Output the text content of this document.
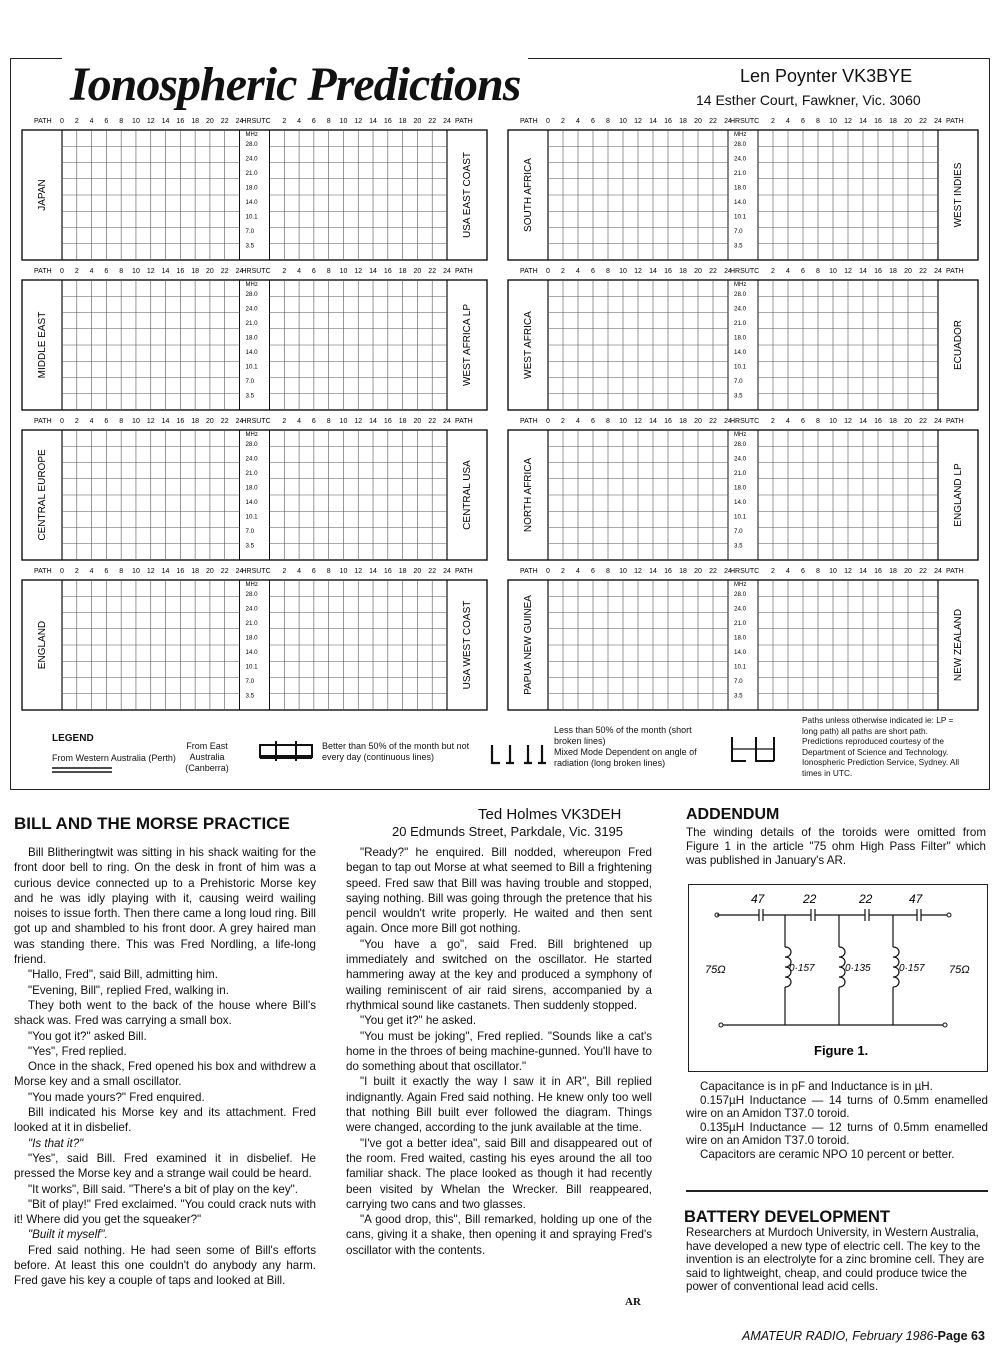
Ionospheric Predictions	Len Poynter VK3BYE
14 Esther Court, Fawkner, Vic. 3060
PATH 0 2	2
4	4
6	6
8	8
10	10
12	12
14	14
16	16
18	18
20	20
22	22
24	24
HRSUTC	PATH
MHz
28.0
24.0
21.0
18.0
14.0
10.1
7.0
3.5
JAPAN	USA EAST COAST
PATH 0 2	2
4	4
6	6
8	8
10	10
12	12
14	14
16	16
18	18
20	20
22	22
24	24
HRSUTC	PATH
MHz
28.0
24.0
21.0
18.0
14.0
10.1
7.0
3.5
SOUTH AFRICA	WEST INDIES
PATH 0 2	2
4	4
6	6
8	8
10	10
12	12
14	14
16	16
18	18
20	20
22	22
24	24
HRSUTC	PATH
MHz
28.0
24.0
21.0
18.0
14.0
10.1
7.0
3.5
MIDDLE EAST	WEST AFRICA LP
PATH 0 2	2
4	4
6	6
8	8
10	10
12	12
14	14
16	16
18	18
20	20
22	22
24	24
HRSUTC	PATH
MHz
28.0
24.0
21.0
18.0
14.0
10.1
7.0
3.5
WEST AFRICA	ECUADOR
PATH 0 2	2
4	4
6	6
8	8
10	10
12	12
14	14
16	16
18	18
20	20
22	22
24	24
HRSUTC	PATH
MHz
28.0
24.0
21.0
18.0
14.0
10.1
7.0
3.5
CENTRAL EUROPE	CENTRAL USA
PATH 0 2	2
4	4
6	6
8	8
10	10
12	12
14	14
16	16
18	18
20	20
22	22
24	24
HRSUTC	PATH
MHz
28.0
24.0
21.0
18.0
14.0
10.1
7.0
3.5
NORTH AFRICA	ENGLAND LP
PATH 0 2	2
4	4
6	6
8	8
10	10
12	12
14	14
16	16
18	18
20	20
22	22
24	24
HRSUTC	PATH
MHz
28.0
24.0
21.0
18.0
14.0
10.1
7.0
3.5
ENGLAND	USA WEST COAST
PATH 0 2	2
4	4
6	6
8	8
10	10
12	12
14	14
16	16
18	18
20	20
22	22
24	24
HRSUTC	PATH
MHz
28.0
24.0
21.0
18.0
14.0
10.1
7.0
3.5
PAPUA NEW GUINEA	NEW ZEALAND
LEGEND
From Western Australia (Perth)
From East Australia (Canberra)
Better than 50% of the month but not every day (continuous lines)
Less than 50% of the month (short broken lines)
Mixed Mode Dependent on angle of radiation (long broken lines)
Paths unless otherwise indicated ie: LP = long path) all paths are short path. Predictions reproduced courtesy of the Department of Science and Technology. Ionospheric Prediction Service, Sydney. All times in UTC.
BILL AND THE MORSE PRACTICE	Ted Holmes VK3DEH
20 Edmunds Street, Parkdale, Vic. 3195

Bill Blitheringtwit was sitting in his shack waiting for the front door bell to ring. On the desk in front of him was a curious device connected up to a Prehistoric Morse key and he was idly playing with it, causing weird wailing noises to issue forth. Then there came a long loud ring. Bill got up and shambled to his front door. A grey haired man was standing there. This was Fred Nordling, a life-long friend.

"Hallo, Fred", said Bill, admitting him.

"Evening, Bill", replied Fred, walking in.

They both went to the back of the house where Bill's shack was. Fred was carrying a small box.

"You got it?" asked Bill.

"Yes", Fred replied.

Once in the shack, Fred opened his box and withdrew a Morse key and a small oscillator.

"You made yours?" Fred enquired.

Bill indicated his Morse key and its attachment. Fred looked at it in disbelief.

"Is that it?"

"Yes", said Bill. Fred examined it in disbelief. He pressed the Morse key and a strange wail could be heard.

"It works", Bill said. "There's a bit of play on the key".

"Bit of play!" Fred exclaimed. "You could crack nuts with it! Where did you get the squeaker?"

"Built it myself".

Fred said nothing. He had seen some of Bill's efforts before. At least this one couldn't do anybody any harm. Fred gave his key a couple of taps and looked at Bill.

"Ready?" he enquired. Bill nodded, whereupon Fred began to tap out Morse at what seemed to Bill a frightening speed. Fred saw that Bill was having trouble and stopped, saying nothing. Bill was going through the pretence that his pencil wouldn't write properly. He waited and then sent again. Once more Bill got nothing.

"You have a go", said Fred. Bill brightened up immediately and switched on the oscillator. He started hammering away at the key and produced a symphony of wailing reminiscent of air raid sirens, accompanied by a rhythmical sound like castanets. Then suddenly stopped.

"You get it?" he asked.

"You must be joking", Fred replied. "Sounds like a cat's home in the throes of being machine-gunned. You'll have to do something about that oscillator."

"I built it exactly the way I saw it in AR", Bill replied indignantly. Again Fred said nothing. He knew only too well that nothing Bill built ever followed the diagram. Things were changed, according to the junk available at the time.

"I've got a better idea", said Bill and disappeared out of the room. Fred waited, casting his eyes around the all too familiar shack. The place looked as though it had recently been visited by Whelan the Wrecker. Bill reappeared, carrying two cans and two glasses.

"A good drop, this", Bill remarked, holding up one of the cans, giving it a shake, then opening it and spraying Fred's oscillator with the contents.

AR
ADDENDUM
The winding details of the toroids were omitted from Figure 1 in the article "75 ohm High Pass Filter" which was published in January's AR.
47	22	22	47
0·157	0·135	0·157
75Ω	75Ω
Figure 1.

Capacitance is in pF and Inductance is in µH.

0.157µH Inductance — 14 turns of 0.5mm enamelled wire on an Amidon T37.0 toroid.

0.135µH Inductance — 12 turns of 0.5mm enamelled wire on an Amidon T37.0 toroid.

Capacitors are ceramic NPO 10 percent or better.

BATTERY DEVELOPMENT
Researchers at Murdoch University, in Western Australia, have developed a new type of electric cell. The key to the invention is an electrolyte for a zinc bromine cell. They are said to lightweight, cheap, and could produce twice the power of conventional lead acid cells.
AMATEUR RADIO, February 1986-Page 63
